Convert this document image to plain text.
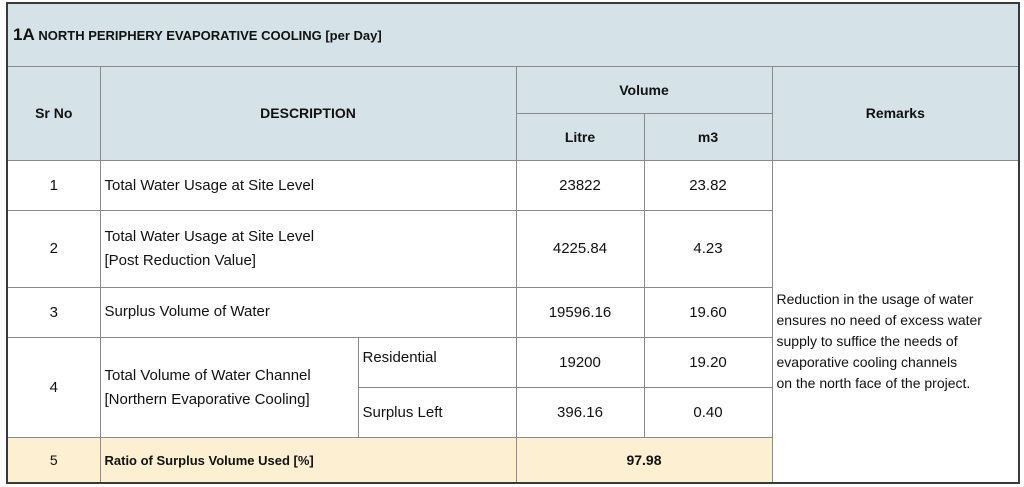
1A NORTH PERIPHERY EVAPORATIVE COOLING [per Day]					
Sr No	DESCRIPTION		Volume		Remarks
			Litre	m3	
1	Total Water Usage at Site Level		23822	23.82	Reduction in the usage of water
ensures no need of excess water
supply to suffice the needs of
evaporative cooling channels
on the north face of the project.

2	Total Water Usage at Site Level
[Post Reduction Value]		4225.84	4.23	
3	Surplus Volume of Water		19596.16	19.60	
4	Total Volume of Water Channel
[Northern Evaporative Cooling]	Residential	19200	19.20	
		Surplus Left	396.16	0.40	
5	Ratio of Surplus Volume Used [%]		97.98		
